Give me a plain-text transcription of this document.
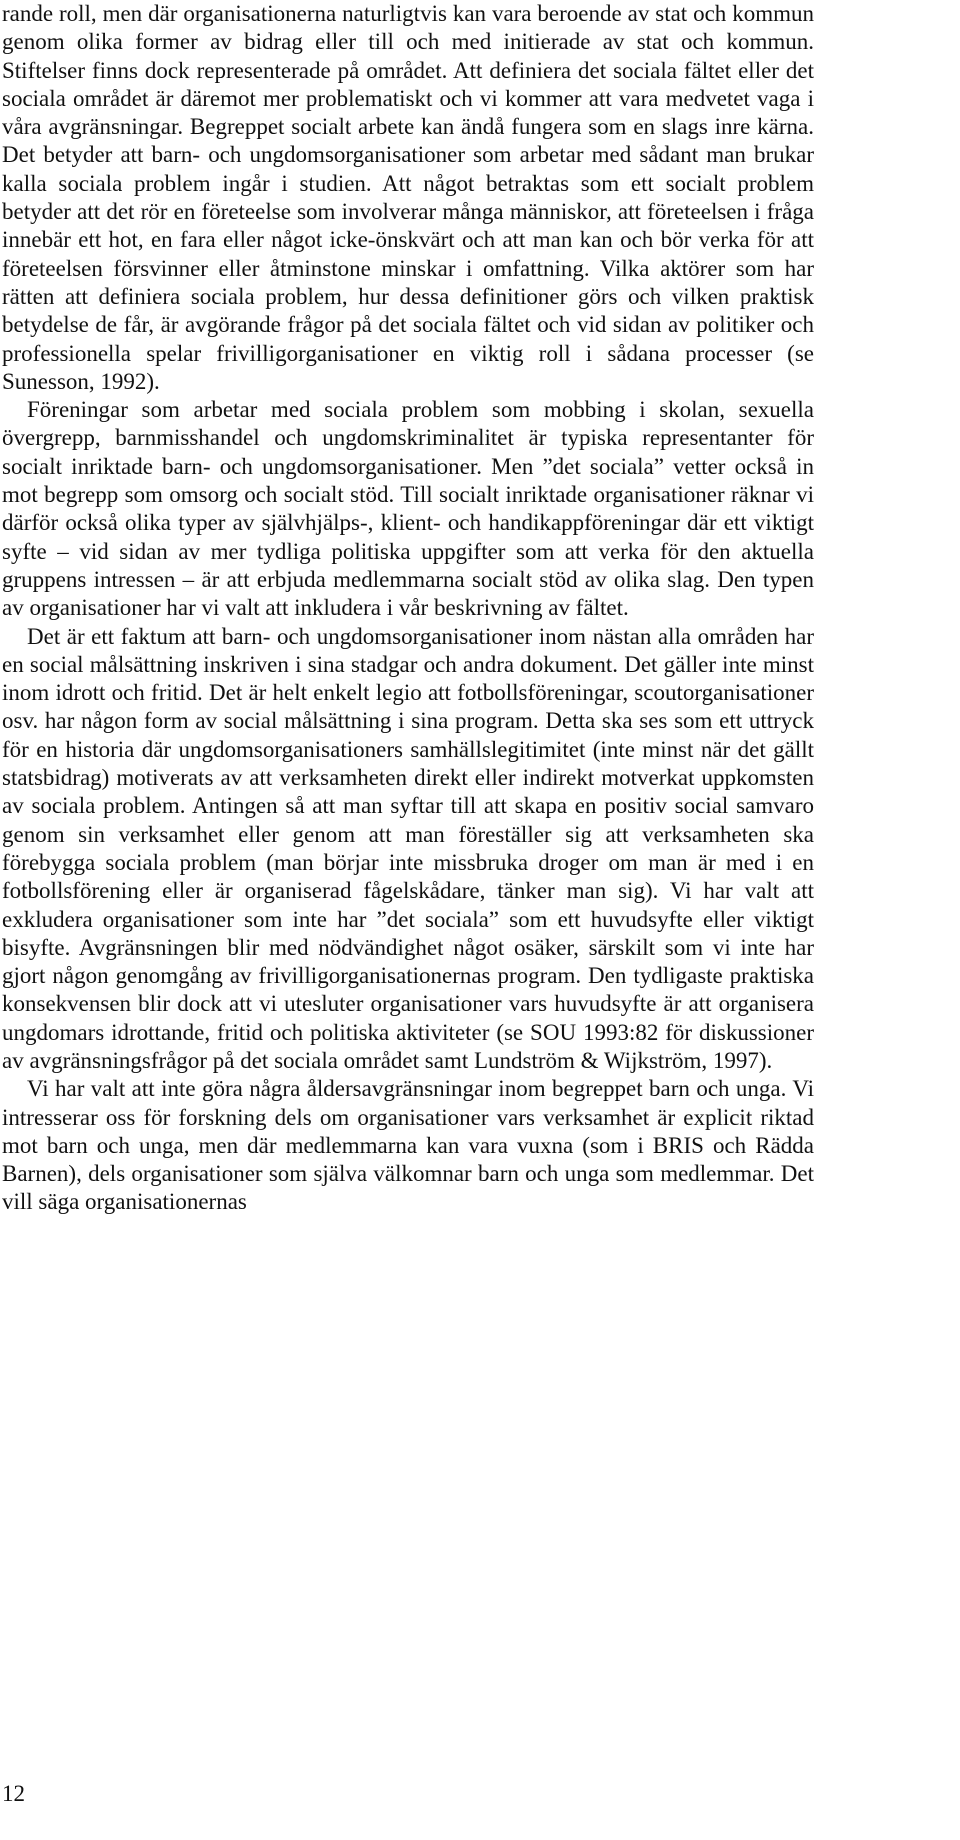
rande roll, men där organisationerna naturligtvis kan vara beroende av stat och kommun genom olika former av bidrag eller till och med initierade av stat och kommun. Stiftelser finns dock representerade på området. Att definiera det sociala fältet eller det sociala området är däremot mer problematiskt och vi kommer att vara medvetet vaga i våra avgränsningar. Begreppet socialt arbete kan ändå fungera som en slags inre kärna. Det betyder att barn- och ungdomsorganisationer som arbetar med sådant man brukar kalla sociala problem ingår i studien. Att något betraktas som ett socialt problem betyder att det rör en företeelse som involverar många människor, att företeelsen i fråga innebär ett hot, en fara eller något icke-önskvärt och att man kan och bör verka för att företeelsen försvinner eller åtminstone minskar i omfattning. Vilka aktörer som har rätten att definiera sociala problem, hur dessa definitioner görs och vilken praktisk betydelse de får, är avgörande frågor på det sociala fältet och vid sidan av politiker och professionella spelar frivilligorganisationer en viktig roll i sådana processer (se Sunesson, 1992).

Föreningar som arbetar med sociala problem som mobbing i skolan, sexuella övergrepp, barnmisshandel och ungdomskriminalitet är typiska representanter för socialt inriktade barn- och ungdomsorganisationer. Men ”det sociala” vetter också in mot begrepp som omsorg och socialt stöd. Till socialt inriktade organisationer räknar vi därför också olika typer av självhjälps-, klient- och handikappföreningar där ett viktigt syfte – vid sidan av mer tydliga politiska uppgifter som att verka för den aktuella gruppens intressen – är att erbjuda medlemmarna socialt stöd av olika slag. Den typen av organisationer har vi valt att inkludera i vår beskrivning av fältet.

Det är ett faktum att barn- och ungdomsorganisationer inom nästan alla områden har en social målsättning inskriven i sina stadgar och andra dokument. Det gäller inte minst inom idrott och fritid. Det är helt enkelt legio att fotbollsföreningar, scoutorganisationer osv. har någon form av social målsättning i sina program. Detta ska ses som ett uttryck för en historia där ungdomsorganisationers samhällslegitimitet (inte minst när det gällt statsbidrag) motiverats av att verksamheten direkt eller indirekt motverkat uppkomsten av sociala problem. Antingen så att man syftar till att skapa en positiv social samvaro genom sin verksamhet eller genom att man föreställer sig att verksamheten ska förebygga sociala problem (man börjar inte missbruka droger om man är med i en fotbollsförening eller är organiserad fågelskådare, tänker man sig). Vi har valt att exkludera organisationer som inte har ”det sociala” som ett huvudsyfte eller viktigt bisyfte. Avgränsningen blir med nödvändighet något osäker, särskilt som vi inte har gjort någon genomgång av frivilligorganisationernas program. Den tydligaste praktiska konsekvensen blir dock att vi utesluter organisationer vars huvudsyfte är att organisera ungdomars idrottande, fritid och politiska aktiviteter (se SOU 1993:82 för diskussioner av avgränsningsfrågor på det sociala området samt Lundström & Wijkström, 1997).

Vi har valt att inte göra några åldersavgränsningar inom begreppet barn och unga. Vi intresserar oss för forskning dels om organisationer vars verksamhet är explicit riktad mot barn och unga, men där medlemmarna kan vara vuxna (som i BRIS och Rädda Barnen), dels organisationer som själva välkomnar barn och unga som medlemmar. Det vill säga organisationernas

12
